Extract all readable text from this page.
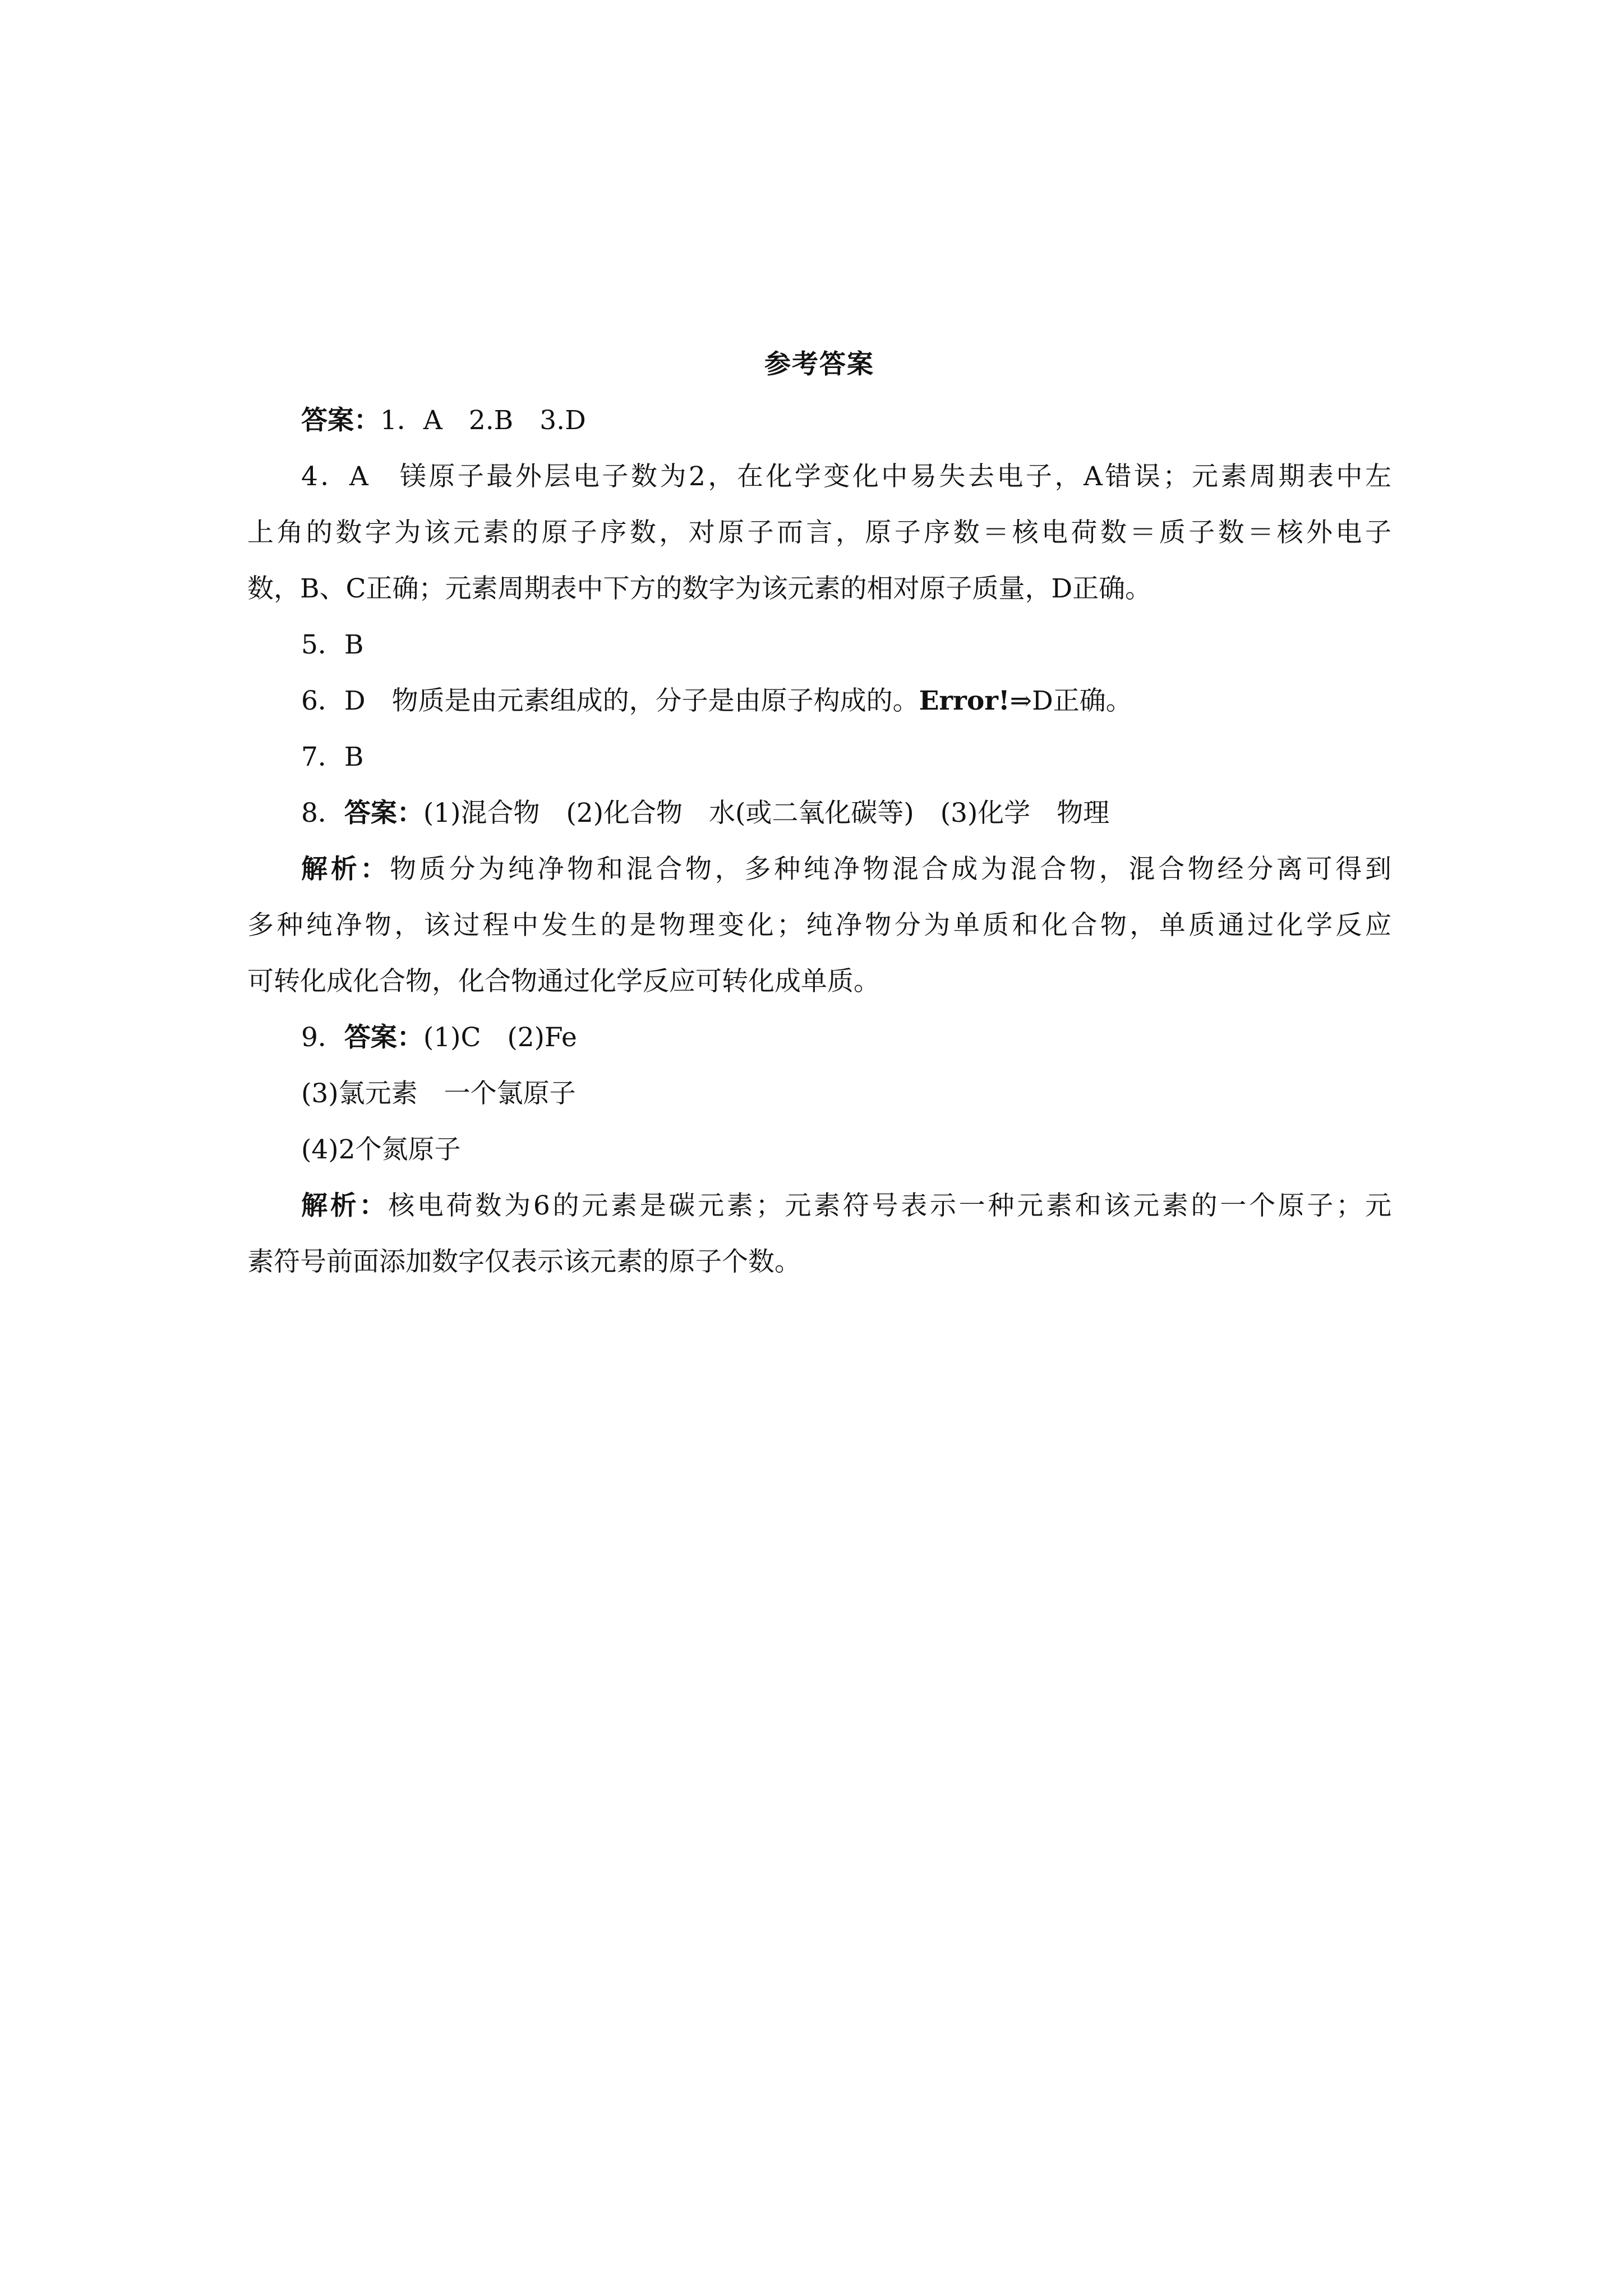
参考答案

答案：1．A　2.B　3.D

4．A　镁原子最外层电子数为2，在化学变化中易失去电子，A错误；元素周期表中左

上角的数字为该元素的原子序数，对原子而言，原子序数＝核电荷数＝质子数＝核外电子

数，B、C正确；元素周期表中下方的数字为该元素的相对原子质量，D正确。

5．B

6．D　物质是由元素组成的，分子是由原子构成的。Error!⇒D正确。

7．B

8．答案：(1)混合物　(2)化合物　水(或二氧化碳等)　(3)化学　物理

解析：物质分为纯净物和混合物，多种纯净物混合成为混合物，混合物经分离可得到

多种纯净物，该过程中发生的是物理变化；纯净物分为单质和化合物，单质通过化学反应

可转化成化合物，化合物通过化学反应可转化成单质。

9．答案：(1)C　(2)Fe

(3)氯元素　一个氯原子

(4)2个氮原子

解析：核电荷数为6的元素是碳元素；元素符号表示一种元素和该元素的一个原子；元

素符号前面添加数字仅表示该元素的原子个数。
